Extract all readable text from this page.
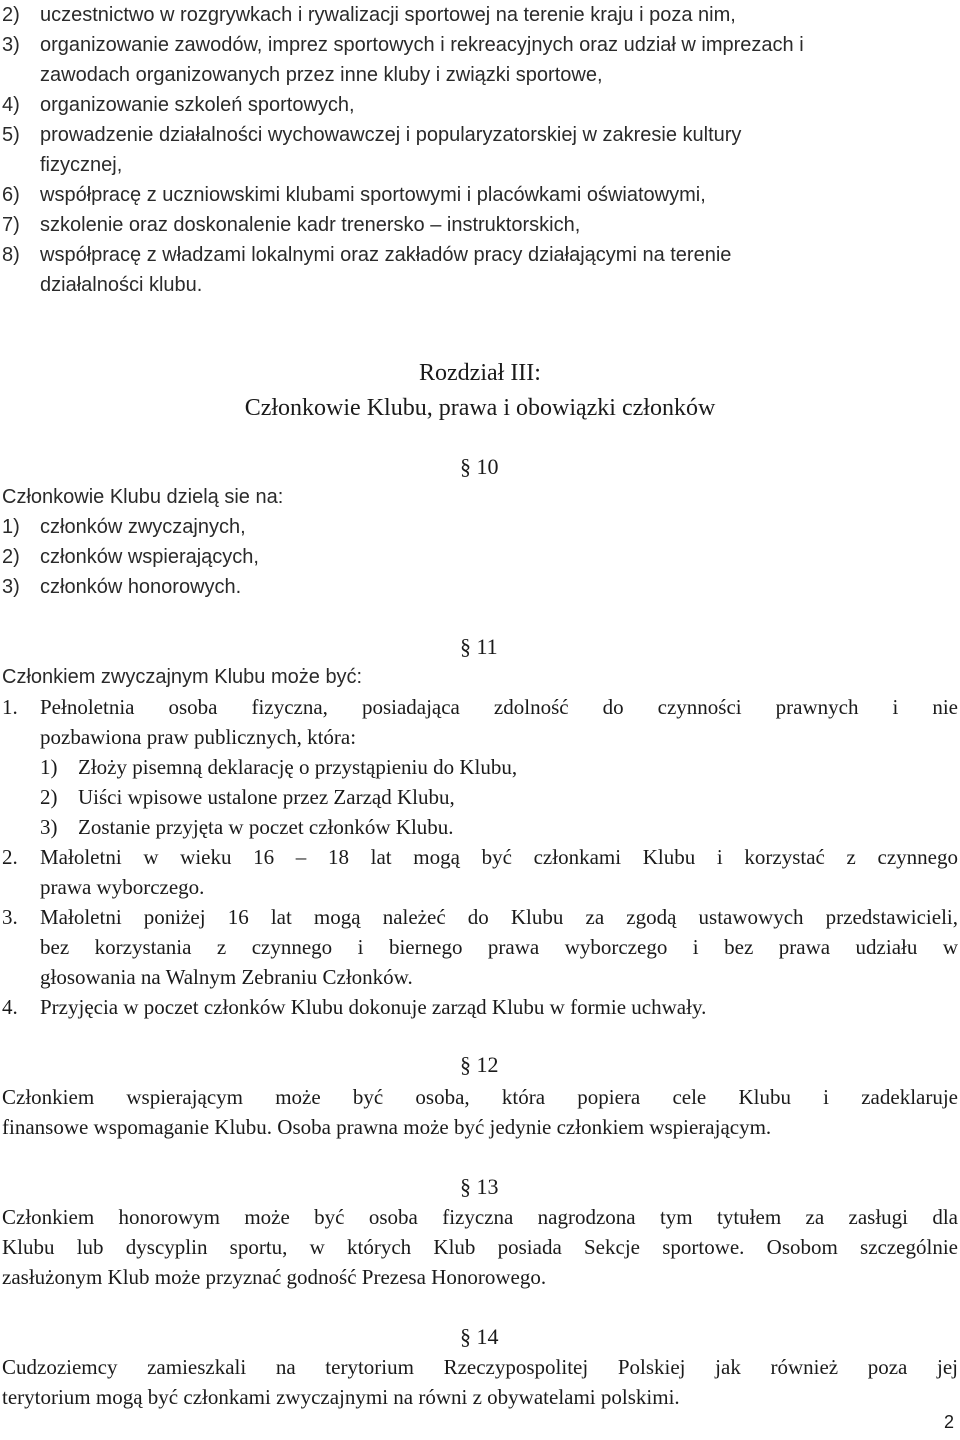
2) uczestnictwo w rozgrywkach i rywalizacji sportowej na terenie kraju i poza nim,

3) organizowanie zawodów, imprez sportowych i rekreacyjnych oraz udział w imprezach i

zawodach organizowanych przez inne kluby i związki sportowe,

4) organizowanie szkoleń sportowych,

5) prowadzenie działalności wychowawczej i popularyzatorskiej w zakresie kultury

fizycznej,

6) współpracę z uczniowskimi klubami sportowymi i placówkami oświatowymi,

7) szkolenie oraz doskonalenie kadr trenersko – instruktorskich,

8) współpracę z władzami lokalnymi oraz zakładów pracy działającymi na terenie

działalności klubu.

Rozdział III:

Członkowie Klubu, prawa i obowiązki członków

§ 10

Członkowie Klubu dzielą sie na:

1) członków zwyczajnych,

2) członków wspierających,

3) członków honorowych.

§ 11

Członkiem zwyczajnym Klubu może być:

1. Pełnoletnia osoba fizyczna, posiadająca zdolność do czynności prawnych i nie

pozbawiona praw publicznych, która:

1) Złoży pisemną deklarację o przystąpieniu do Klubu,

2) Uiści wpisowe ustalone przez Zarząd Klubu,

3) Zostanie przyjęta w poczet członków Klubu.

2. Małoletni w wieku 16 – 18 lat mogą być członkami Klubu i korzystać z czynnego

prawa wyborczego.

3. Małoletni poniżej 16 lat mogą należeć do Klubu za zgodą ustawowych przedstawicieli,

bez korzystania z czynnego i biernego prawa wyborczego i bez prawa udziału w

głosowania na Walnym Zebraniu Członków.

4. Przyjęcia w poczet członków Klubu dokonuje zarząd Klubu w formie uchwały.

§ 12

Członkiem wspierającym może być osoba, która popiera cele Klubu i zadeklaruje

finansowe wspomaganie Klubu. Osoba prawna może być jedynie członkiem wspierającym.

§ 13

Członkiem honorowym może być osoba fizyczna nagrodzona tym tytułem za zasługi dla

Klubu lub dyscyplin sportu, w których Klub posiada Sekcje sportowe. Osobom szczególnie

zasłużonym Klub może przyznać godność Prezesa Honorowego.

§ 14

Cudzoziemcy zamieszkali na terytorium Rzeczypospolitej Polskiej jak również poza jej

terytorium mogą być członkami zwyczajnymi na równi z obywatelami polskimi.

2
